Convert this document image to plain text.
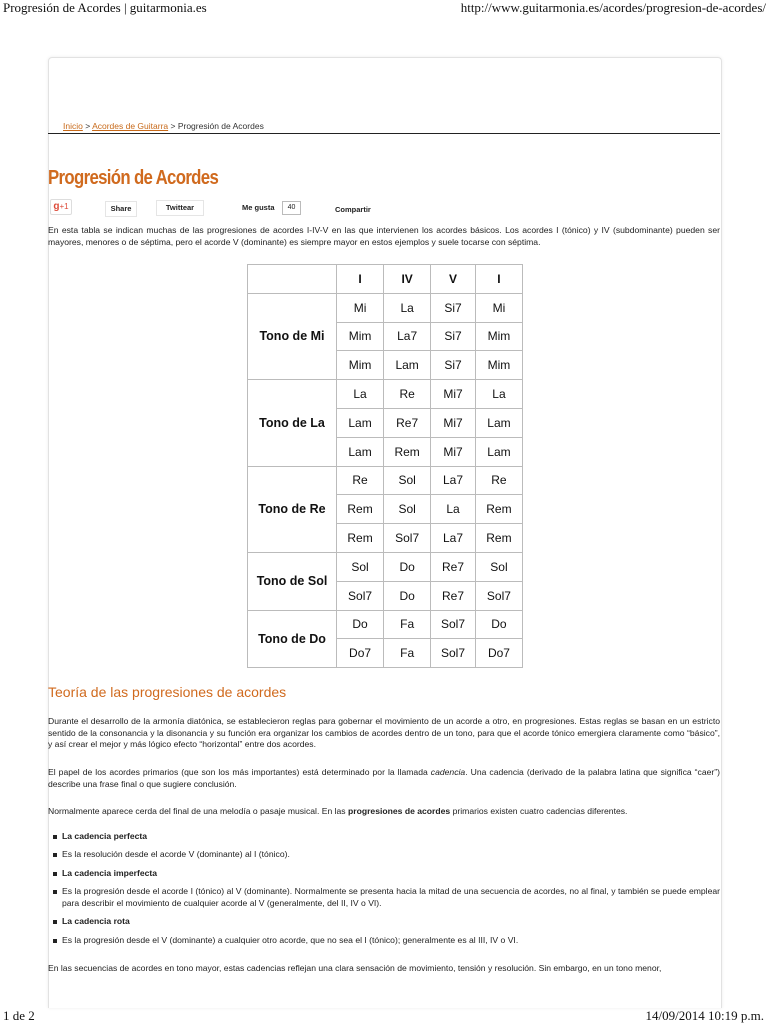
Progresión de Acordes | guitarmonia.es	http://www.guitarmonia.es/acordes/progresion-de-acordes/
Inicio > Acordes de Guitarra > Progresión de Acordes
Progresión de Acordes
g+1	Share	Twittear	Me gusta	40	Compartir
En esta tabla se indican muchas de las progresiones de acordes I-IV-V en las que intervienen los acordes básicos. Los acordes I (tónico) y IV (subdominante) pueden ser mayores, menores o de séptima, pero el acorde V (dominante) es siempre mayor en estos ejemplos y suele tocarse con séptima.
	I	IV	V	I
Tono de Mi	Mi	La	Si7	Mi
	Mim	La7	Si7	Mim
	Mim	Lam	Si7	Mim
Tono de La	La	Re	Mi7	La
	Lam	Re7	Mi7	Lam
	Lam	Rem	Mi7	Lam
Tono de Re	Re	Sol	La7	Re
	Rem	Sol	La	Rem
	Rem	Sol7	La7	Rem
Tono de Sol	Sol	Do	Re7	Sol
	Sol7	Do	Re7	Sol7
Tono de Do	Do	Fa	Sol7	Do
	Do7	Fa	Sol7	Do7
Teoría de las progresiones de acordes
Durante el desarrollo de la armonía diatónica, se establecieron reglas para gobernar el movimiento de un acorde a otro, en progresiones. Estas reglas se basan en un estricto sentido de la consonancia y la disonancia y su función era organizar los cambios de acordes dentro de un tono, para que el acorde tónico emergiera claramente como “básico”, y así crear el mejor y más lógico efecto “horizontal” entre dos acordes.
El papel de los acordes primarios (que son los más importantes) está determinado por la llamada cadencia. Una cadencia (derivado de la palabra latina que significa “caer”) describe una frase final o que sugiere conclusión.
Normalmente aparece cerda del final de una melodía o pasaje musical. En las progresiones de acordes primarios existen cuatro cadencias diferentes.
La cadencia perfecta
Es la resolución desde el acorde V (dominante) al I (tónico).
La cadencia imperfecta
Es la progresión desde el acorde I (tónico) al V (dominante). Normalmente se presenta hacia la mitad de una secuencia de acordes, no al final, y también se puede emplear para describir el movimiento de cualquier acorde al V (generalmente, del II, IV o VI).
La cadencia rota
Es la progresión desde el V (dominante) a cualquier otro acorde, que no sea el I (tónico); generalmente es al III, IV o VI.
En las secuencias de acordes en tono mayor, estas cadencias reflejan una clara sensación de movimiento, tensión y resolución. Sin embargo, en un tono menor,
1 de 2	14/09/2014 10:19 p.m.
